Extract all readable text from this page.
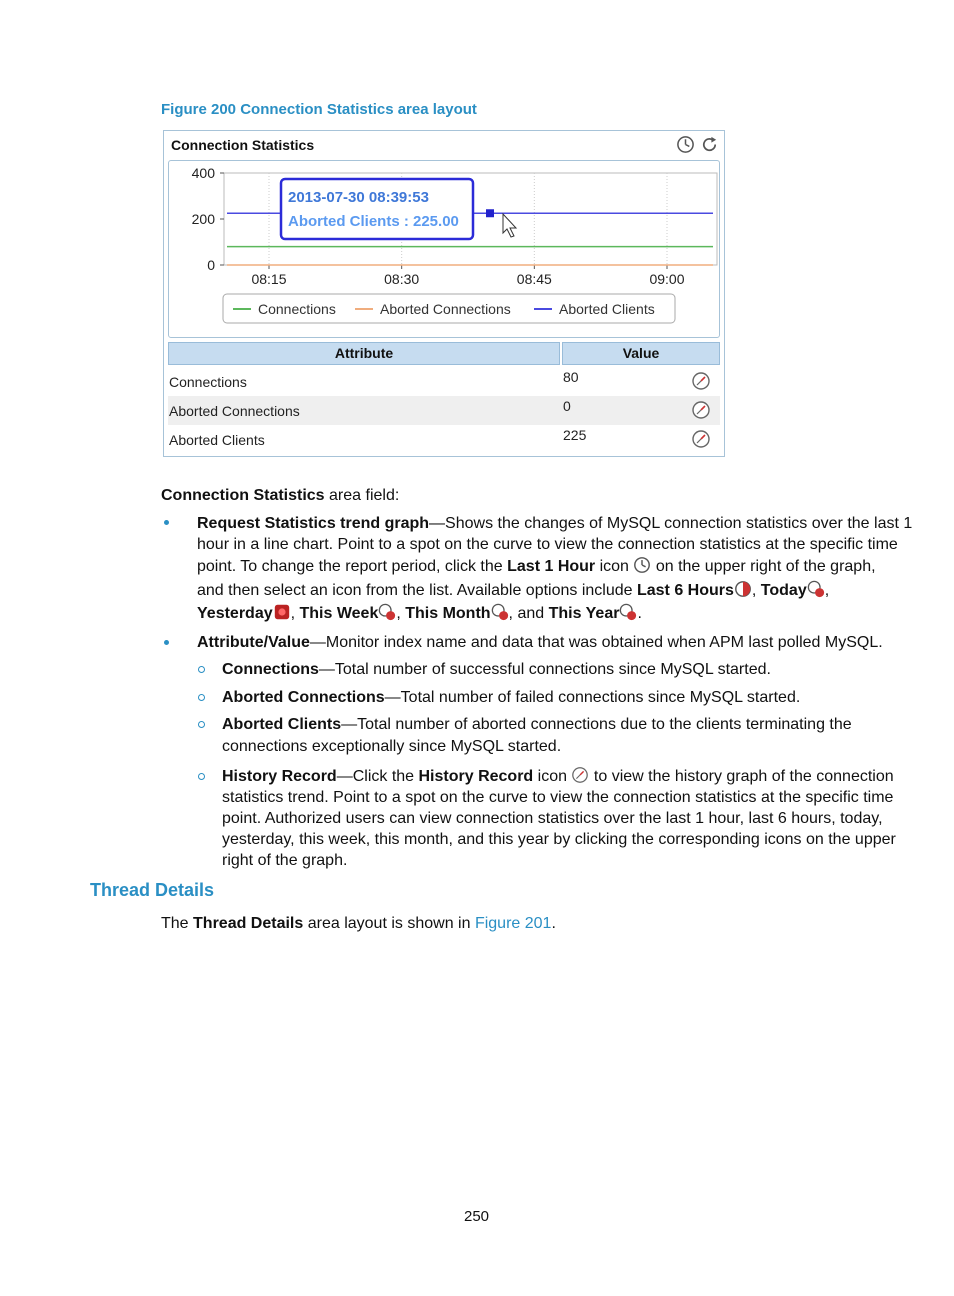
Figure 200 Connection Statistics area layout
Connection Statistics
400
200
0
08:15	08:30	08:45	09:00
2013-07-30 08:39:53
Aborted Clients : 225.00
Connections	Aborted Connections	Aborted Clients
Attribute	Value
Connections	80
Aborted Connections	0
Aborted Clients	225
Connection Statistics area field:
Request Statistics trend graph—Shows the changes of MySQL connection statistics over the last 1
hour in a line chart. Point to a spot on the curve to view the connection statistics at the specific time
point. To change the report period, click the Last 1 Hour icon  on the upper right of the graph,
and then select an icon from the list. Available options include Last 6 Hours , Today ,
Yesterday , This Week , This Month , and This Year .
Attribute/Value—Monitor index name and data that was obtained when APM last polled MySQL.
Connections—Total number of successful connections since MySQL started.
Aborted Connections—Total number of failed connections since MySQL started.
Aborted Clients—Total number of aborted connections due to the clients terminating the
connections exceptionally since MySQL started.
History Record—Click the History Record icon  to view the history graph of the connection
statistics trend. Point to a spot on the curve to view the connection statistics at the specific time
point. Authorized users can view connection statistics over the last 1 hour, last 6 hours, today,
yesterday, this week, this month, and this year by clicking the corresponding icons on the upper
right of the graph.
Thread Details
The Thread Details area layout is shown in Figure 201.
250
